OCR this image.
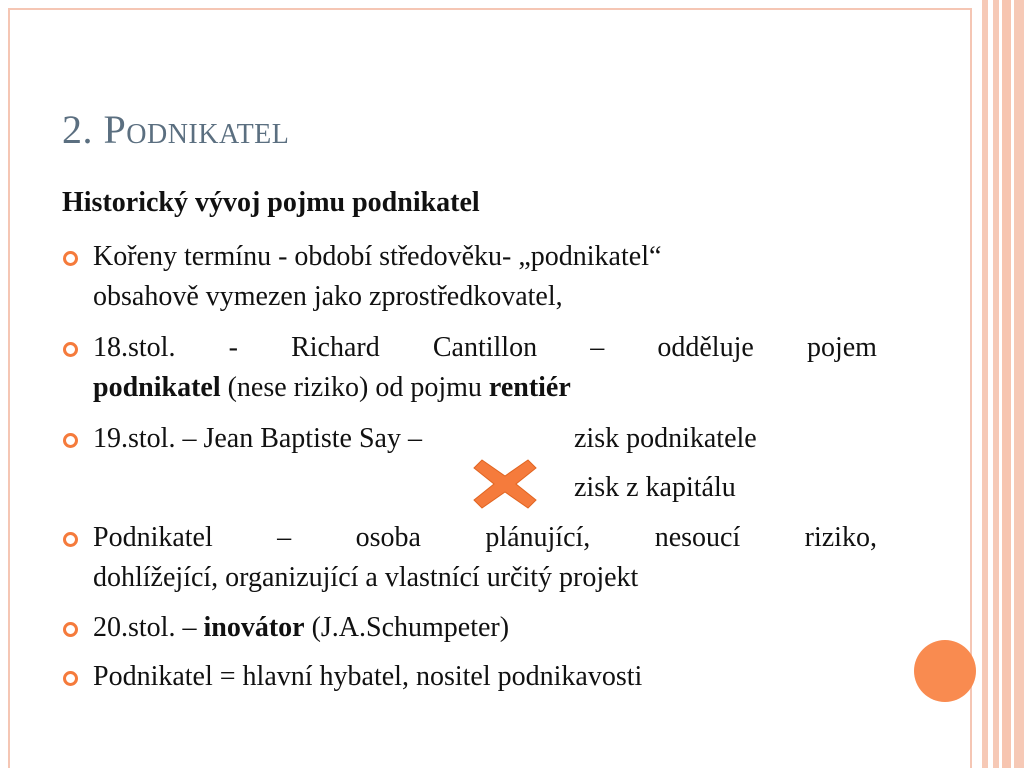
2. Podnikatel

Historický vývoj pojmu podnikatel

Kořeny termínu - období středověku- „podnikatel“
obsahově vymezen jako zprostředkovatel,
18.stol. - Richard Cantillon – odděluje pojem
podnikatel (nese riziko) od pojmu rentiér
19.stol. – Jean Baptiste Say –	zisk podnikatele
zisk z kapitálu
Podnikatel – osoba plánující, nesoucí riziko,
dohlížející, organizující a vlastnící určitý projekt
20.stol. – inovátor (J.A.Schumpeter)
Podnikatel = hlavní hybatel, nositel podnikavosti
